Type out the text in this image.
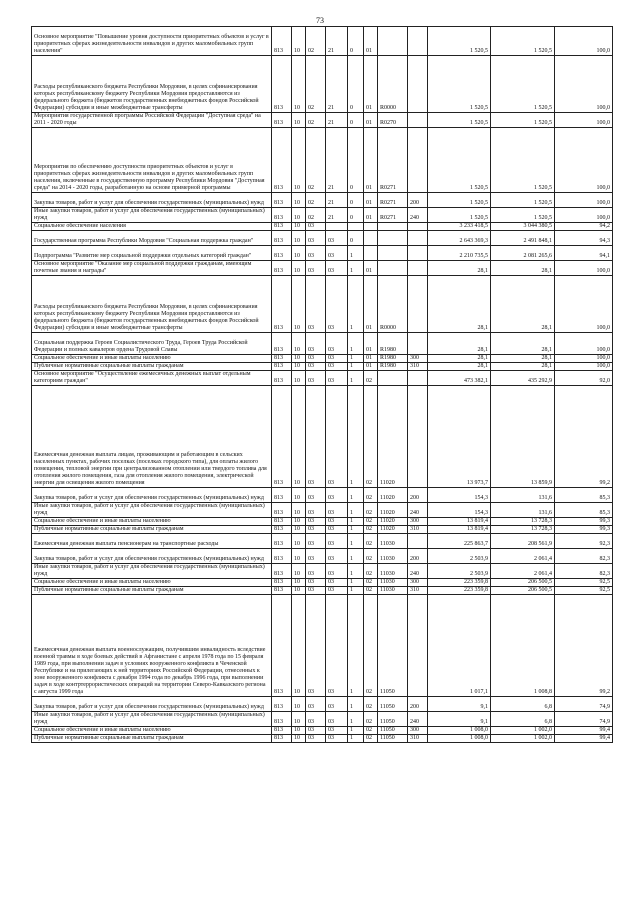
73
Основное мероприятие "Повышение уровня доступности приоритетных объектов и услуг в приоритетных сферах жизнедеятельности инвалидов и других маломобильных групп населения"	813	10	02	21	0	01			1 520,5	1 520,5	100,0
Расходы республиканского бюджета Республики Мордовия, в целях софинансирования которых республиканскому бюджету Республики Мордовия предоставляются из федерального бюджета (бюджетов государственных внебюджетных фондов Российской Федерации) субсидии и иные межбюджетные трансферты	813	10	02	21	0	01	R0000		1 520,5	1 520,5	100,0
Мероприятия государственной программы Российской Федерации "Доступная среда" на 2011 - 2020 годы	813	10	02	21	0	01	R0270		1 520,5	1 520,5	100,0
Мероприятия по обеспечению доступности приоритетных объектов и услуг в приоритетных сферах жизнедеятельности инвалидов и других маломобильных групп населения, включенные в государственную программу Республики Мордовия "Доступная среда" на 2014 - 2020 годы, разработанную на основе примерной программы	813	10	02	21	0	01	R0271		1 520,5	1 520,5	100,0
Закупка товаров, работ и услуг для обеспечения государственных (муниципальных) нужд	813	10	02	21	0	01	R0271	200	1 520,5	1 520,5	100,0
Иные закупки товаров, работ и услуг для обеспечения государственных (муниципальных) нужд	813	10	02	21	0	01	R0271	240	1 520,5	1 520,5	100,0
Социальное обеспечение населения	813	10	03						3 233 418,5	3 044 380,5	94,2
Государственная программа Республики Мордовия "Социальная поддержка граждан"	813	10	03	03	0				2 643 369,3	2 491 848,1	94,3
Подпрограмма "Развитие мер социальной поддержки отдельных категорий граждан"	813	10	03	03	1				2 210 735,5	2 081 265,6	94,1
Основное мероприятие "Оказание мер социальной поддержки гражданам, имеющим почетные звания и награды"	813	10	03	03	1	01			28,1	28,1	100,0
Расходы республиканского бюджета Республики Мордовия, в целях софинансирования которых республиканскому бюджету Республики Мордовия предоставляются из федерального бюджета (бюджетов государственных внебюджетных фондов Российской Федерации) субсидии и иные межбюджетные трансферты	813	10	03	03	1	01	R0000		28,1	28,1	100,0
Социальная поддержка Героев Социалистического Труда, Героев Труда Российской Федерации и полных кавалеров ордена Трудовой Славы	813	10	03	03	1	01	R1980		28,1	28,1	100,0
Социальное обеспечение и иные выплаты населению	813	10	03	03	1	01	R1980	300	28,1	28,1	100,0
Публичные нормативные социальные выплаты гражданам	813	10	03	03	1	01	R1980	310	28,1	28,1	100,0
Основное мероприятие "Осуществление ежемесячных денежных выплат отдельным категориям граждан"	813	10	03	03	1	02			473 382,1	435 292,9	92,0
Ежемесячная денежная выплата лицам, проживающим и работающим в сельских населенных пунктах, рабочих поселках (поселках городского типа), для оплаты жилого помещения, тепловой энергии при централизованном отоплении или твердого топлива для отопления жилого помещения, газа для отопления жилого помещения, электрической энергии для освещения жилого помещения	813	10	03	03	1	02	11020		13 973,7	13 859,9	99,2
Закупка товаров, работ и услуг для обеспечения государственных (муниципальных) нужд	813	10	03	03	1	02	11020	200	154,3	131,6	85,3
Иные закупки товаров, работ и услуг для обеспечения государственных (муниципальных) нужд	813	10	03	03	1	02	11020	240	154,3	131,6	85,3
Социальное обеспечение и иные выплаты населению	813	10	03	03	1	02	11020	300	13 819,4	13 728,3	99,3
Публичные нормативные социальные выплаты гражданам	813	10	03	03	1	02	11020	310	13 819,4	13 728,3	99,3
Ежемесячная денежная выплата пенсионерам на транспортные расходы	813	10	03	03	1	02	11030		225 863,7	208 561,9	92,3
Закупка товаров, работ и услуг для обеспечения государственных (муниципальных) нужд	813	10	03	03	1	02	11030	200	2 503,9	2 061,4	82,3
Иные закупки товаров, работ и услуг для обеспечения государственных (муниципальных) нужд	813	10	03	03	1	02	11030	240	2 503,9	2 061,4	82,3
Социальное обеспечение и иные выплаты населению	813	10	03	03	1	02	11030	300	223 359,8	206 500,5	92,5
Публичные нормативные социальные выплаты гражданам	813	10	03	03	1	02	11030	310	223 359,8	206 500,5	92,5
Ежемесячная денежная выплата военнослужащим, получившим инвалидность вследствие военной травмы в ходе боевых действий в Афганистане с апреля 1978 года по 15 февраля 1989 года, при выполнении задач в условиях вооруженного конфликта в Чеченской Республике и на прилегающих к ней территориях Российской Федерации, отнесенных к зоне вооруженного конфликта с декабря 1994 года по декабрь 1996 года, при выполнении задач в ходе контртеррористических операций на территории Северо-Кавказского региона с августа 1999 года	813	10	03	03	1	02	11050		1 017,1	1 008,8	99,2
Закупка товаров, работ и услуг для обеспечения государственных (муниципальных) нужд	813	10	03	03	1	02	11050	200	9,1	6,8	74,9
Иные закупки товаров, работ и услуг для обеспечения государственных (муниципальных) нужд	813	10	03	03	1	02	11050	240	9,1	6,8	74,9
Социальное обеспечение и иные выплаты населению	813	10	03	03	1	02	11050	300	1 008,0	1 002,0	99,4
Публичные нормативные социальные выплаты гражданам	813	10	03	03	1	02	11050	310	1 008,0	1 002,0	99,4
